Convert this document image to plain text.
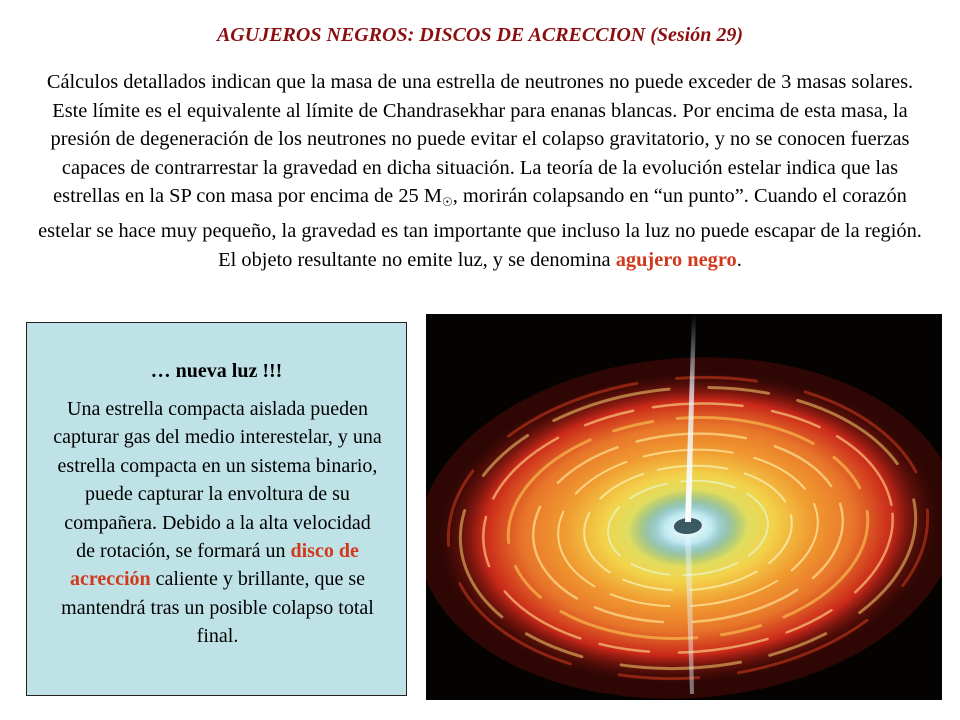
AGUJEROS NEGROS: DISCOS DE ACRECCION (Sesión 29)
Cálculos detallados indican que la masa de una estrella de neutrones no puede exceder de 3 masas solares. Este límite es el equivalente al límite de Chandrasekhar para enanas blancas. Por encima de esta masa, la presión de degeneración de los neutrones no puede evitar el colapso gravitatorio, y no se conocen fuerzas capaces de contrarrestar la gravedad en dicha situación. La teoría de la evolución estelar indica que las estrellas en la SP con masa por encima de 25 $M_☉$, morirán colapsando en “un punto”. Cuando el corazón estelar se hace muy pequeño, la gravedad es tan importante que incluso la luz no puede escapar de la región. El objeto resultante no emite luz, y se denomina agujero negro.
… nueva luz !!!
Una estrella compacta aislada pueden capturar gas del medio interestelar, y una estrella compacta en un sistema binario, puede capturar la envoltura de su compañera. Debido a la alta velocidad de rotación, se formará un disco de acrección caliente y brillante, que se mantendrá tras un posible colapso total final.
